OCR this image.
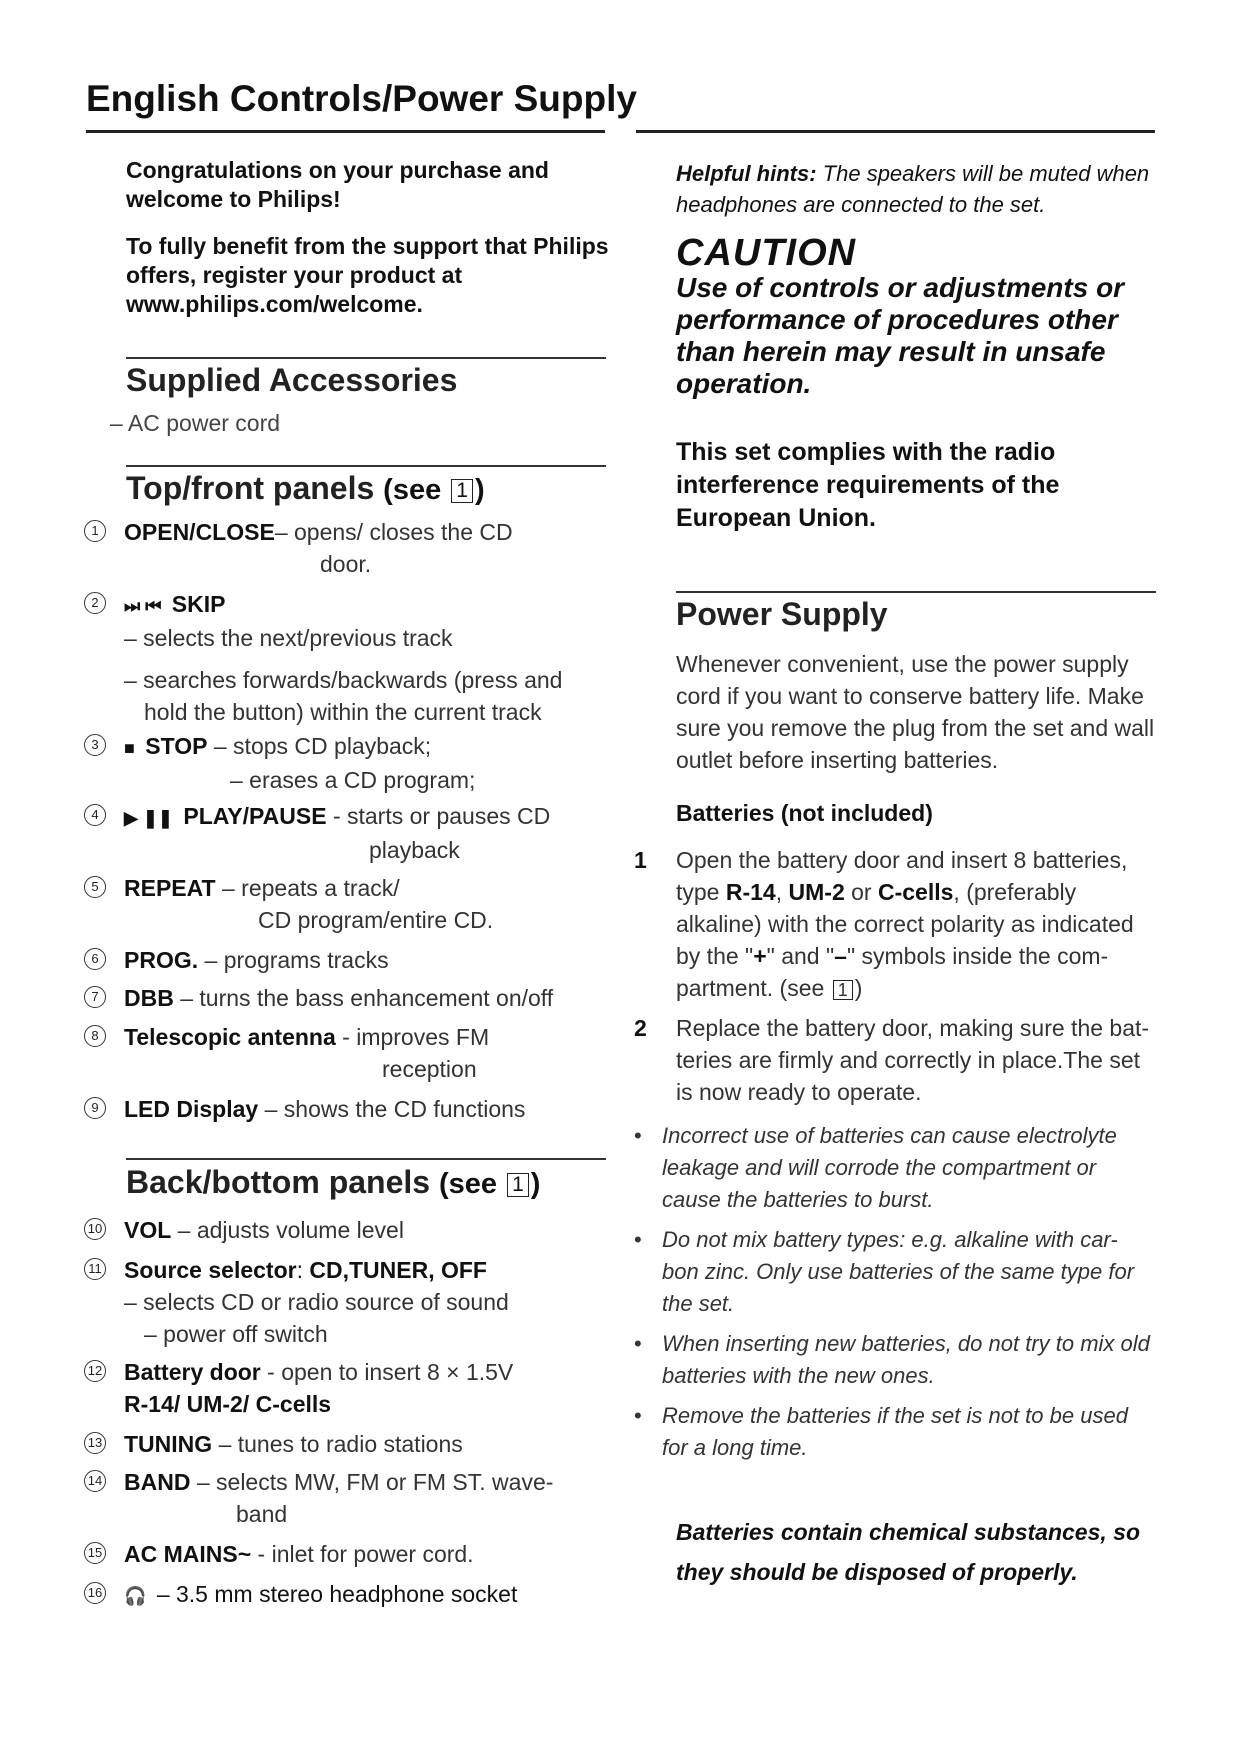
English Controls/Power Supply
Congratulations on your purchase and welcome to Philips!
To fully benefit from the support that Philips offers, register your product at www.philips.com/welcome.
Supplied Accessories
– AC power cord
Top/front panels (see 1 )
1	OPEN/CLOSE– opens/ closes the CD
door.
2	⏭ ⏮ SKIP
– selects the next/previous track
– searches forwards/backwards (press and
hold the button) within the current track
3	■ STOP – stops CD playback;
– erases a CD program;
4	▶ ❚❚ PLAY/PAUSE - starts or pauses CD
playback
5	REPEAT – repeats a track/
CD program/entire CD.
6	PROG. – programs tracks
7	DBB – turns the bass enhancement on/off
8	Telescopic antenna - improves FM
reception
9	LED Display – shows the CD functions
Back/bottom panels (see 1 )
10 VOL – adjusts volume level
11 Source selector: CD,TUNER, OFF
– selects CD or radio source of sound
– power off switch
12 Battery door - open to insert 8 × 1.5V
R-14/ UM-2/ C-cells
13 TUNING – tunes to radio stations
14 BAND – selects MW, FM or FM ST. wave-
band
15 AC MAINS~ - inlet for power cord.
16 🎧 – 3.5 mm stereo headphone socket
Helpful hints: The speakers will be muted when headphones are connected to the set.
CAUTION
Use of controls or adjustments or performance of procedures other than herein may result in unsafe operation.
This set complies with the radio interference requirements of the European Union.
Power Supply
Whenever convenient, use the power supply cord if you want to conserve battery life. Make sure you remove the plug from the set and wall outlet before inserting batteries.
Batteries (not included)
1 Open the battery door and insert 8 batteries, type R-14, UM-2 or C-cells, (preferably alkaline) with the correct polarity as indicated by the "+" and "–" symbols inside the com-partment. (see 1 )
2 Replace the battery door, making sure the bat-teries are firmly and correctly in place.The set is now ready to operate.
• Incorrect use of batteries can cause electrolyte leakage and will corrode the compartment or cause the batteries to burst.
• Do not mix battery types: e.g. alkaline with car-bon zinc. Only use batteries of the same type for the set.
• When inserting new batteries, do not try to mix old batteries with the new ones.
• Remove the batteries if the set is not to be used for a long time.
Batteries contain chemical substances, so they should be disposed of properly.
